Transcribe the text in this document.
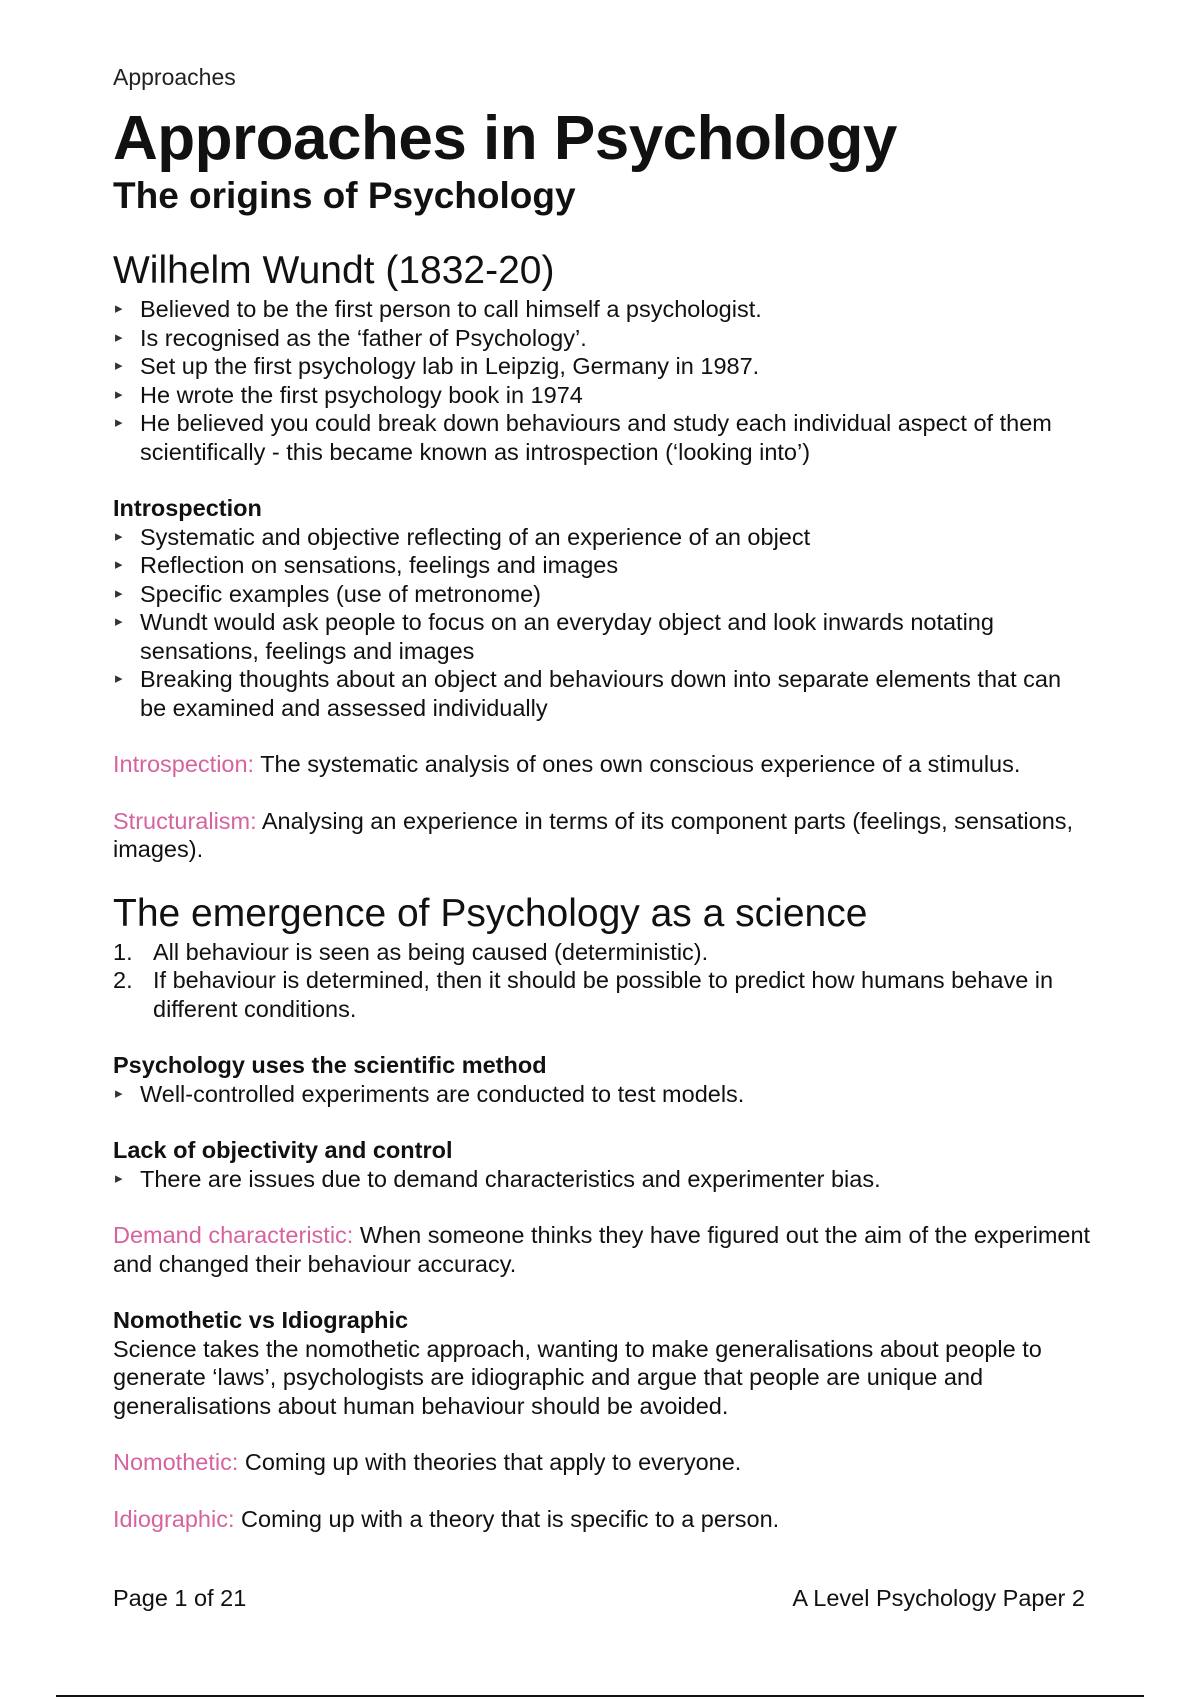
Approaches
Approaches in Psychology
The origins of Psychology
Wilhelm Wundt (1832-20)
▸ Believed to be the first person to call himself a psychologist.
▸ Is recognised as the ‘father of Psychology’.
▸ Set up the first psychology lab in Leipzig, Germany in 1987.
▸ He wrote the first psychology book in 1974
▸ He believed you could break down behaviours and study each individual aspect of them scientifically - this became known as introspection (‘looking into’)

Introspection

▸ Systematic and objective reflecting of an experience of an object
▸ Reflection on sensations, feelings and images
▸ Specific examples (use of metronome)
▸ Wundt would ask people to focus on an everyday object and look inwards notating sensations, feelings and images
▸ Breaking thoughts about an object and behaviours down into separate elements that can be examined and assessed individually

Introspection: The systematic analysis of ones own conscious experience of a stimulus.

Structuralism: Analysing an experience in terms of its component parts (feelings, sensations, images).

The emergence of Psychology as a science
1. All behaviour is seen as being caused (deterministic).
2. If behaviour is determined, then it should be possible to predict how humans behave in different conditions.

Psychology uses the scientific method

▸ Well-controlled experiments are conducted to test models.

Lack of objectivity and control

▸ There are issues due to demand characteristics and experimenter bias.

Demand characteristic: When someone thinks they have figured out the aim of the experiment and changed their behaviour accuracy.

Nomothetic vs Idiographic

Science takes the nomothetic approach, wanting to make generalisations about people to generate ‘laws’, psychologists are idiographic and argue that people are unique and generalisations about human behaviour should be avoided.

Nomothetic: Coming up with theories that apply to everyone.

Idiographic: Coming up with a theory that is specific to a person.

Page 1 of 21	A Level Psychology Paper 2
